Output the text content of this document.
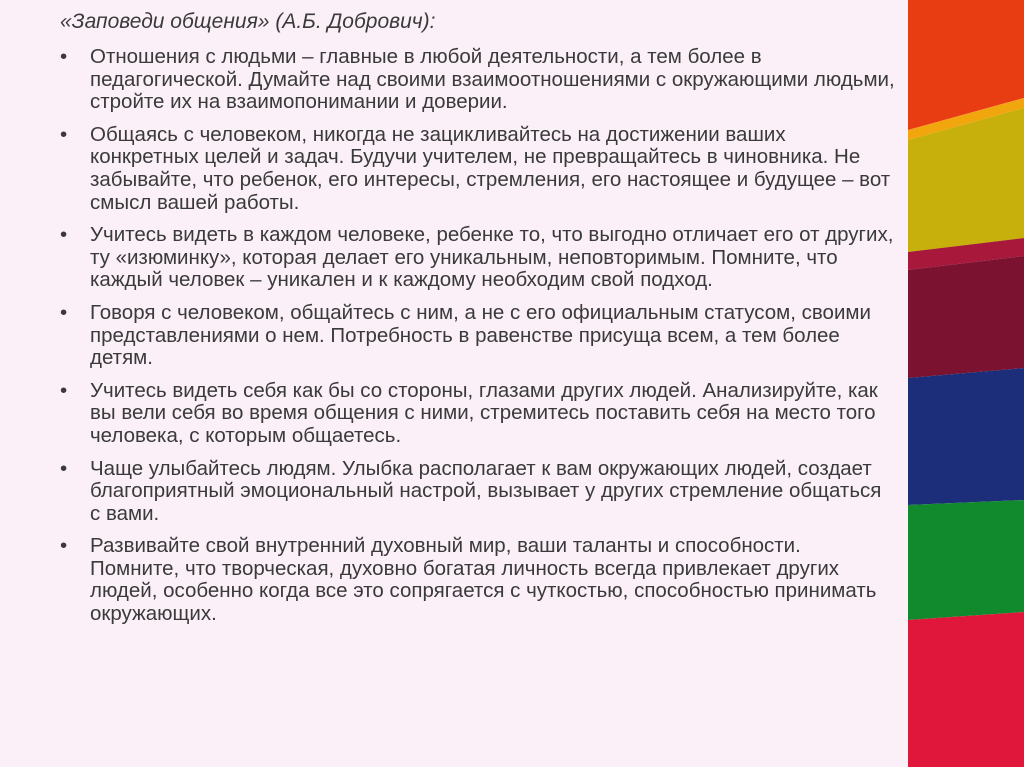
«Заповеди общения» (А.Б. Добрович):
•	Отношения с людьми – главные в любой деятельности, а тем более в педагогической. Думайте над своими взаимоотношениями с окружающими людьми, стройте их на взаимопонимании и доверии.
•	Общаясь с человеком, никогда не зацикливайтесь на достижении ваших конкретных целей и задач. Будучи учителем, не превращайтесь в чиновника. Не забывайте, что ребенок, его интересы, стремления, его настоящее и будущее – вот смысл вашей работы.
•	Учитесь видеть в каждом человеке, ребенке то, что выгодно отличает его от других, ту «изюминку», которая делает его уникальным, неповторимым. Помните, что каждый человек – уникален и к каждому необходим свой подход.
•	Говоря с человеком, общайтесь с ним, а не с его официальным статусом, своими представлениями о нем. Потребность в равенстве присуща всем, а тем более детям.
•	Учитесь видеть себя как бы со стороны, глазами других людей. Анализируйте, как вы вели себя во время общения с ними, стремитесь поставить себя на место того человека, с которым общаетесь.
•	Чаще улыбайтесь людям. Улыбка располагает к вам окружающих людей, создает благоприятный эмоциональный настрой, вызывает у других стремление общаться с вами.
•	Развивайте свой внутренний духовный мир, ваши таланты и способности. Помните, что творческая, духовно богатая личность всегда привлекает других людей, особенно когда все это сопрягается с чуткостью, способностью принимать окружающих.
